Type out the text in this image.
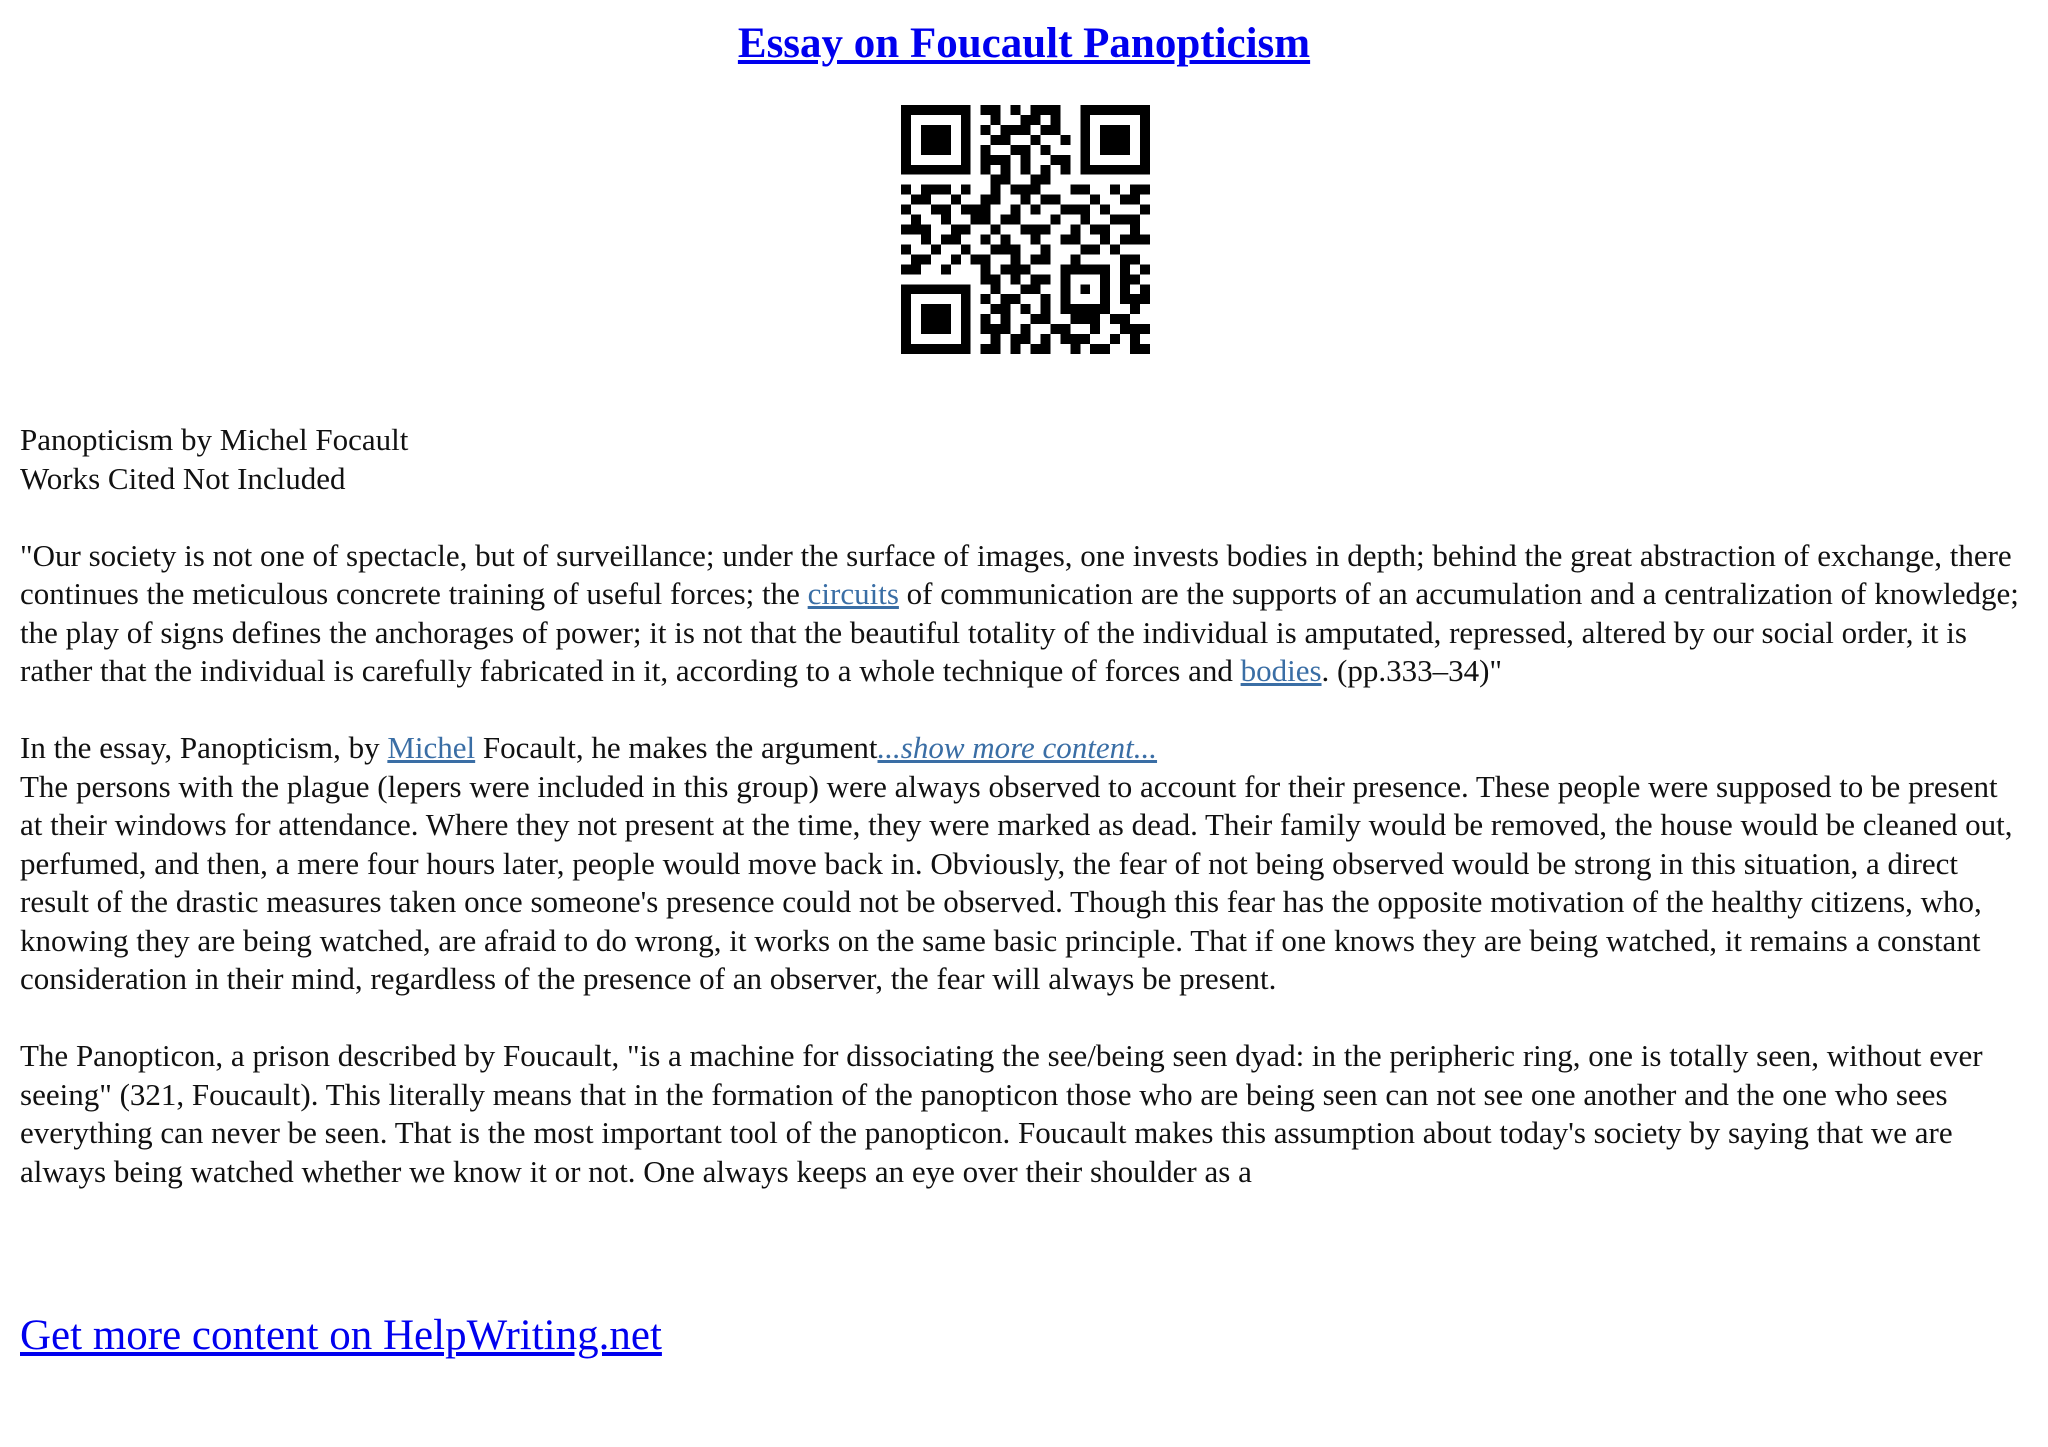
Essay on Foucault Panopticism

Panopticism by Michel Focault
Works Cited Not Included

"Our society is not one of spectacle, but of surveillance; under the surface of images, one invests bodies in depth; behind the great abstraction of exchange, there continues the meticulous concrete training of useful forces; the circuits of communication are the supports of an accumulation and a centralization of knowledge; the play of signs defines the anchorages of power; it is not that the beautiful totality of the individual is amputated, repressed, altered by our social order, it is rather that the individual is carefully fabricated in it, according to a whole technique of forces and bodies. (pp.333–34)"

In the essay, Panopticism, by Michel Focault, he makes the argument...show more content...

The persons with the plague (lepers were included in this group) were always observed to account for their presence. These people were supposed to be present at their windows for attendance. Where they not present at the time, they were marked as dead. Their family would be removed, the house would be cleaned out, perfumed, and then, a mere four hours later, people would move back in. Obviously, the fear of not being observed would be strong in this situation, a direct result of the drastic measures taken once someone's presence could not be observed. Though this fear has the opposite motivation of the healthy citizens, who, knowing they are being watched, are afraid to do wrong, it works on the same basic principle. That if one knows they are being watched, it remains a constant consideration in their mind, regardless of the presence of an observer, the fear will always be present.

The Panopticon, a prison described by Foucault, "is a machine for dissociating the see/being seen dyad: in the peripheric ring, one is totally seen, without ever seeing" (321, Foucault). This literally means that in the formation of the panopticon those who are being seen can not see one another and the one who sees everything can never be seen. That is the most important tool of the panopticon. Foucault makes this assumption about today's society by saying that we are always being watched whether we know it or not. One always keeps an eye over their shoulder as a

Get more content on HelpWriting.net
